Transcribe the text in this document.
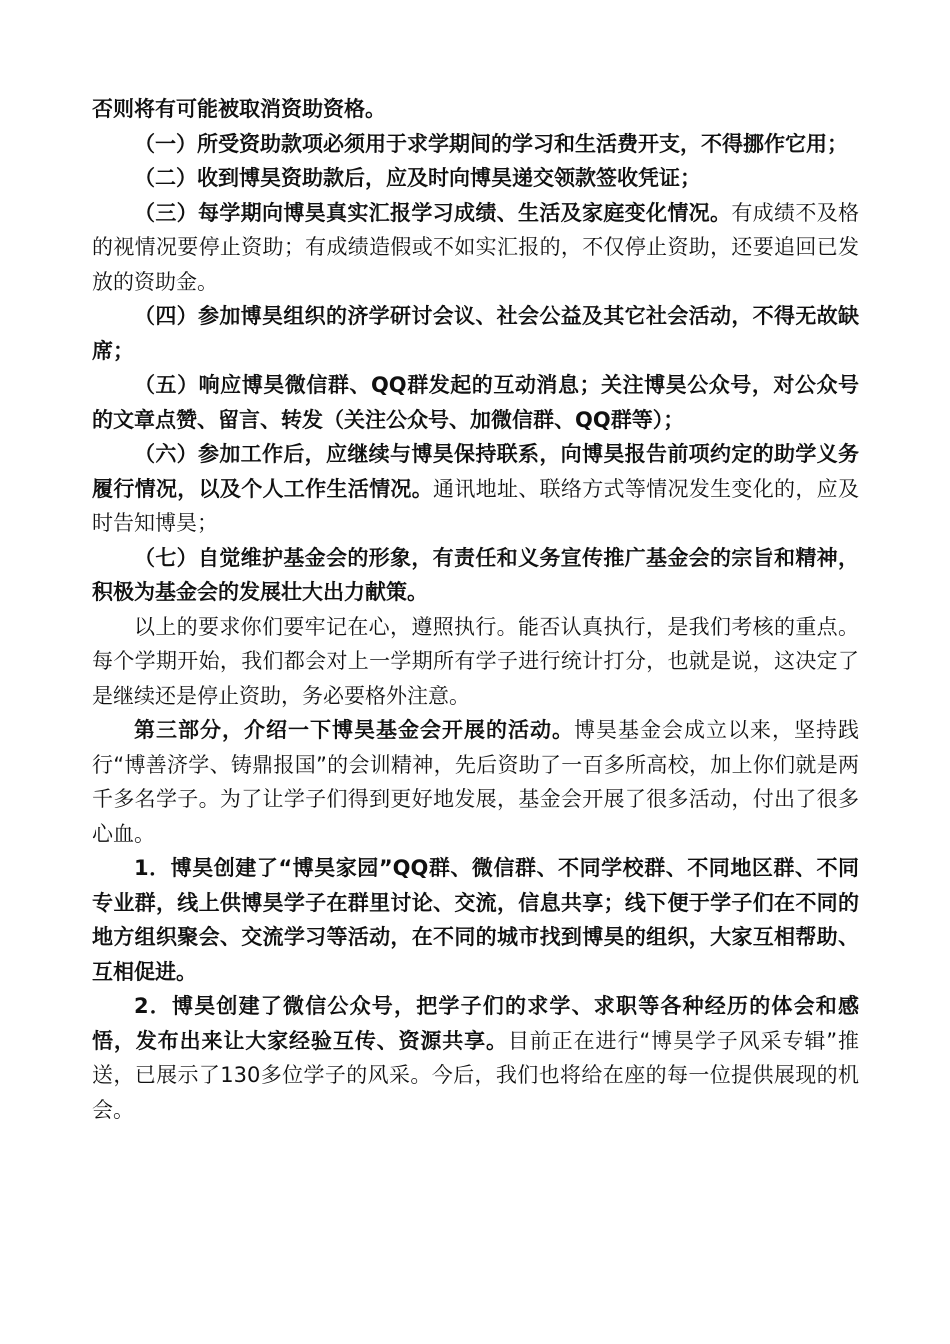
否则将有可能被取消资助资格。

（一）所受资助款项必须用于求学期间的学习和生活费开支，不得挪作它用；

（二）收到博昊资助款后，应及时向博昊递交领款签收凭证；

（三）每学期向博昊真实汇报学习成绩、生活及家庭变化情况。有成绩不及格的视情况要停止资助；有成绩造假或不如实汇报的，不仅停止资助，还要追回已发放的资助金。

（四）参加博昊组织的济学研讨会议、社会公益及其它社会活动，不得无故缺席；

（五）响应博昊微信群、QQ群发起的互动消息；关注博昊公众号，对公众号的文章点赞、留言、转发（关注公众号、加微信群、QQ群等）；

（六）参加工作后，应继续与博昊保持联系，向博昊报告前项约定的助学义务履行情况，以及个人工作生活情况。通讯地址、联络方式等情况发生变化的，应及时告知博昊；

（七）自觉维护基金会的形象，有责任和义务宣传推广基金会的宗旨和精神，积极为基金会的发展壮大出力献策。

以上的要求你们要牢记在心，遵照执行。能否认真执行，是我们考核的重点。每个学期开始，我们都会对上一学期所有学子进行统计打分，也就是说，这决定了是继续还是停止资助，务必要格外注意。

第三部分，介绍一下博昊基金会开展的活动。博昊基金会成立以来，坚持践行“博善济学、铸鼎报国”的会训精神，先后资助了一百多所高校，加上你们就是两千多名学子。为了让学子们得到更好地发展，基金会开展了很多活动，付出了很多心血。

1．博昊创建了“博昊家园”QQ群、微信群、不同学校群、不同地区群、不同专业群，线上供博昊学子在群里讨论、交流，信息共享；线下便于学子们在不同的地方组织聚会、交流学习等活动，在不同的城市找到博昊的组织，大家互相帮助、互相促进。

2．博昊创建了微信公众号，把学子们的求学、求职等各种经历的体会和感悟，发布出来让大家经验互传、资源共享。目前正在进行“博昊学子风采专辑”推送，已展示了130多位学子的风采。今后，我们也将给在座的每一位提供展现的机会。
